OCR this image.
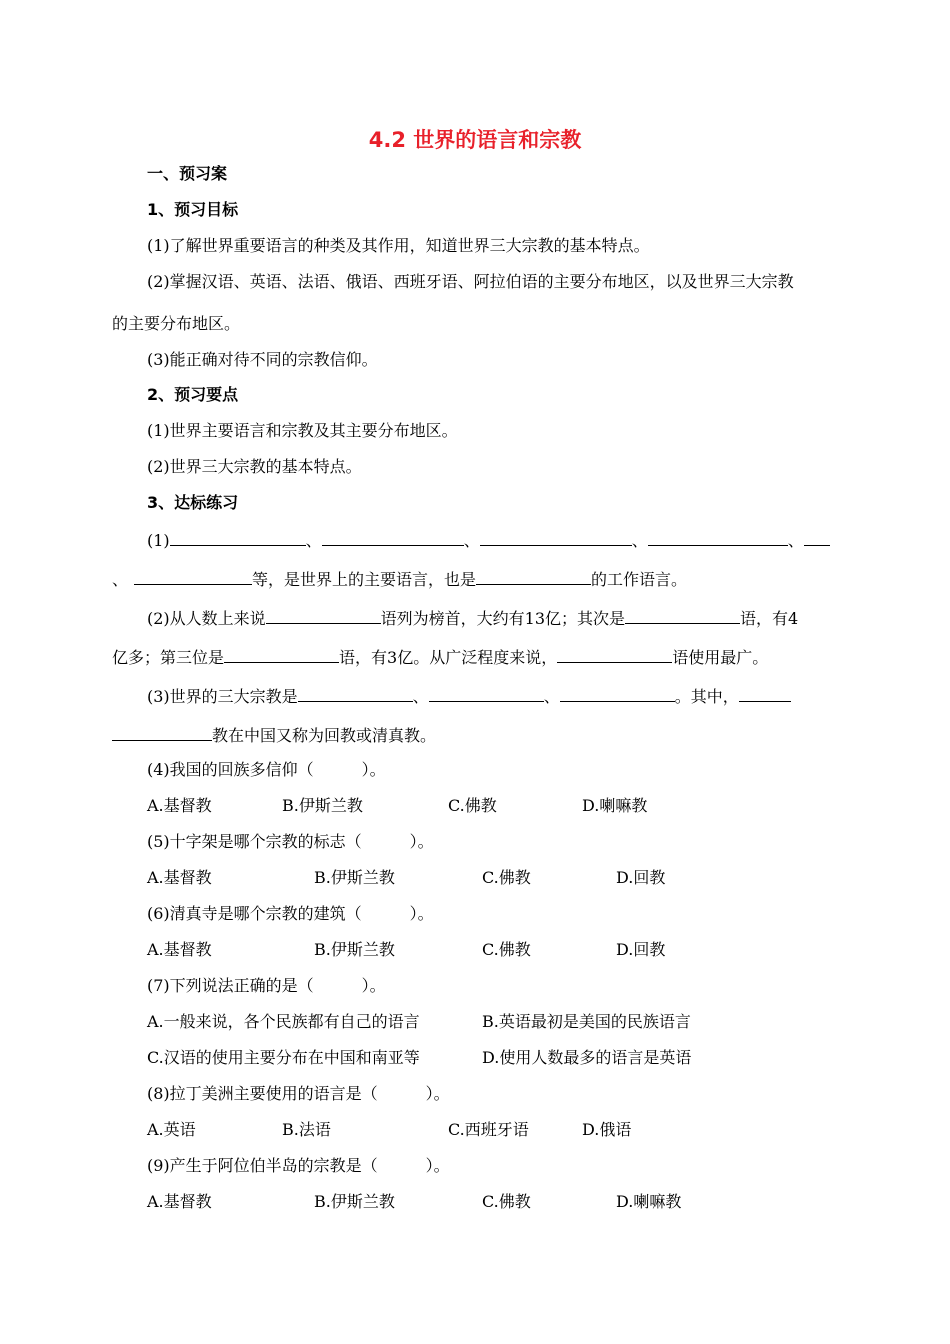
4.2 世界的语言和宗教
一、预习案
1、预习目标
(1)了解世界重要语言的种类及其作用，知道世界三大宗教的基本特点。
(2)掌握汉语、英语、法语、俄语、西班牙语、阿拉伯语的主要分布地区，以及世界三大宗教
的主要分布地区。
(3)能正确对待不同的宗教信仰。
2、预习要点
(1)世界主要语言和宗教及其主要分布地区。
(2)世界三大宗教的基本特点。
3、达标练习
(1)	、	、	、	、
、	等，是世界上的主要语言，也是	的工作语言。
(2)从人数上来说	语列为榜首，大约有13亿；其次是	语，有4
亿多；第三位是	语，有3亿。从广泛程度来说，	语使用最广。
(3)世界的三大宗教是	、	、	。其中，
教在中国又称为回教或清真教。
(4)我国的回族多信仰（　　　）。
A.基督教	B.伊斯兰教	C.佛教	D.喇嘛教
(5)十字架是哪个宗教的标志（　　　）。
A.基督教	B.伊斯兰教	C.佛教	D.回教
(6)清真寺是哪个宗教的建筑（　　　）。
A.基督教	B.伊斯兰教	C.佛教	D.回教
(7)下列说法正确的是（　　　）。
A.一般来说，各个民族都有自己的语言	B.英语最初是美国的民族语言
C.汉语的使用主要分布在中国和南亚等	D.使用人数最多的语言是英语
(8)拉丁美洲主要使用的语言是（　　　）。
A.英语	B.法语	C.西班牙语	D.俄语
(9)产生于阿位伯半岛的宗教是（　　　）。
A.基督教	B.伊斯兰教	C.佛教	D.喇嘛教
